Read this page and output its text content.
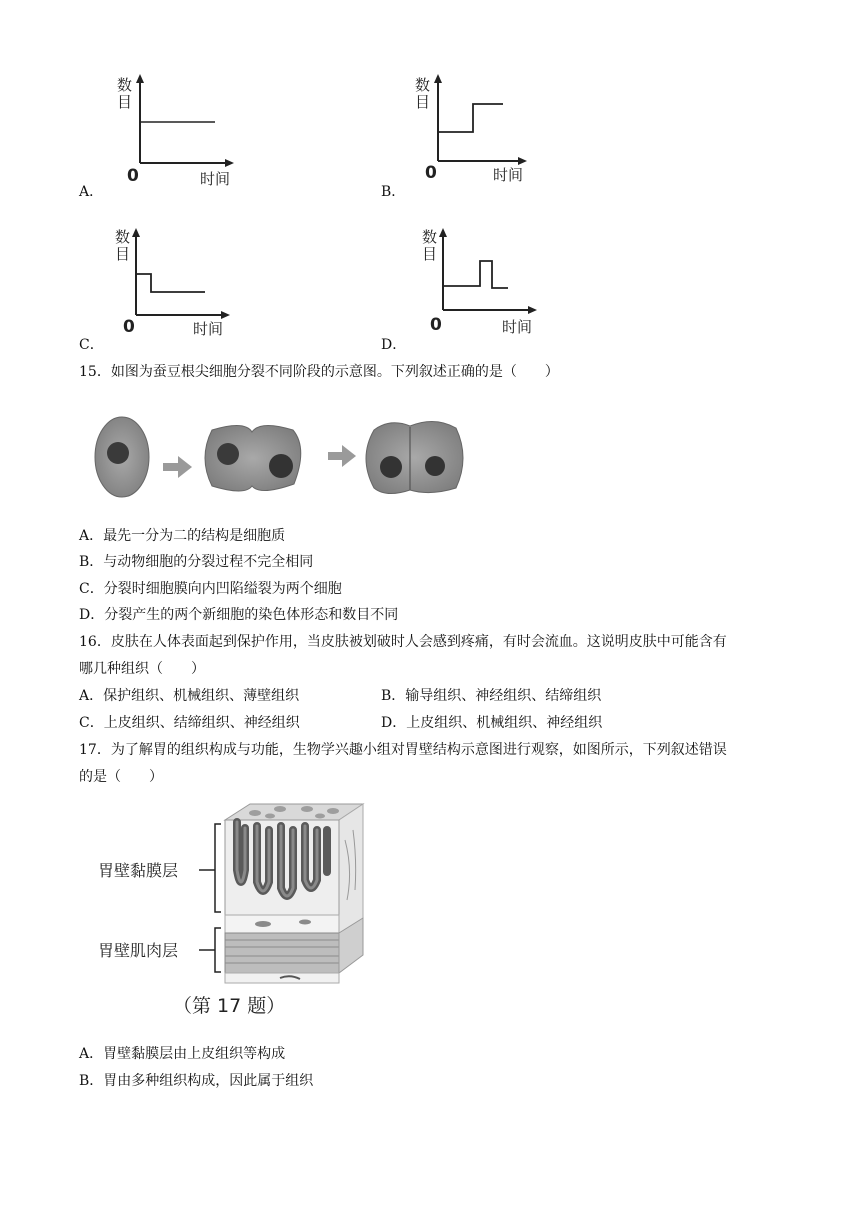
数
目
0	时间
A．
数
目
0	时间
B．
数
目
0	时间
C．
数
目
0	时间
D．
15．如图为蚕豆根尖细胞分裂不同阶段的示意图。下列叙述正确的是（　　）
A．最先一分为二的结构是细胞质
B．与动物细胞的分裂过程不完全相同
C．分裂时细胞膜向内凹陷缢裂为两个细胞
D．分裂产生的两个新细胞的染色体形态和数目不同
16．皮肤在人体表面起到保护作用，当皮肤被划破时人会感到疼痛，有时会流血。这说明皮肤中可能含有
哪几种组织（　　）
A．保护组织、机械组织、薄壁组织	B．输导组织、神经组织、结缔组织
C．上皮组织、结缔组织、神经组织	D．上皮组织、机械组织、神经组织
17．为了解胃的组织构成与功能，生物学兴趣小组对胃壁结构示意图进行观察，如图所示，下列叙述错误
的是（　　）
胃壁黏膜层
胃壁肌肉层
（第 17 题）
A．胃壁黏膜层由上皮组织等构成
B．胃由多种组织构成，因此属于组织
